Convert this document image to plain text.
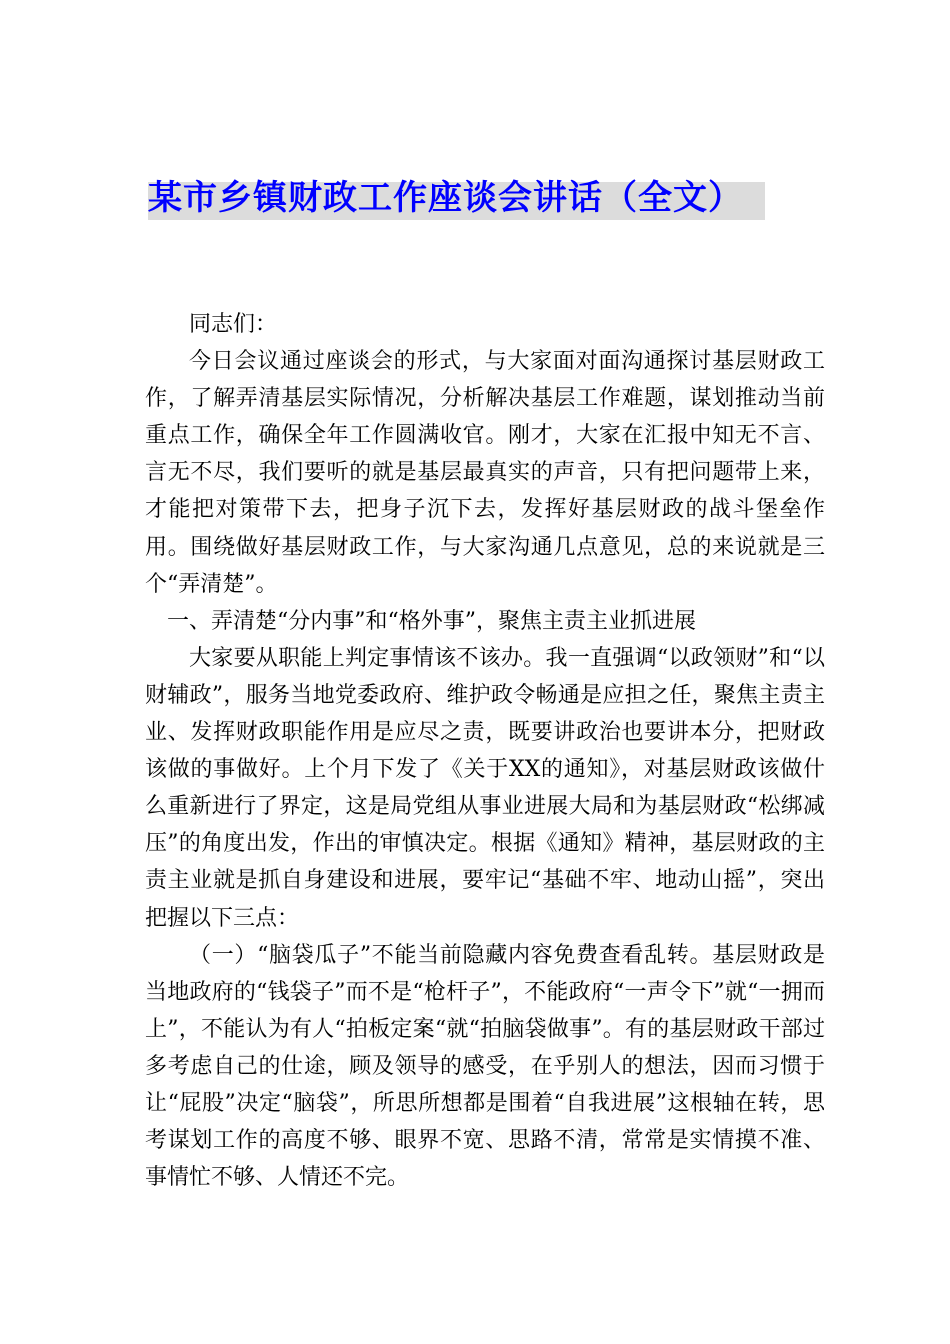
某市乡镇财政工作座谈会讲话（全文）

同志们：

今日会议通过座谈会的形式，与大家面对面沟通探讨基层财政工作，了解弄清基层实际情况，分析解决基层工作难题，谋划推动当前重点工作，确保全年工作圆满收官。刚才，大家在汇报中知无不言、言无不尽，我们要听的就是基层最真实的声音，只有把问题带上来，才能把对策带下去，把身子沉下去，发挥好基层财政的战斗堡垒作用。围绕做好基层财政工作，与大家沟通几点意见，总的来说就是三个“弄清楚”。

一、弄清楚“分内事”和“格外事”，聚焦主责主业抓进展

大家要从职能上判定事情该不该办。我一直强调“以政领财”和“以财辅政”，服务当地党委政府、维护政令畅通是应担之任，聚焦主责主业、发挥财政职能作用是应尽之责，既要讲政治也要讲本分，把财政该做的事做好。上个月下发了《关于XX的通知》，对基层财政该做什么重新进行了界定，这是局党组从事业进展大局和为基层财政“松绑减压”的角度出发，作出的审慎决定。根据《通知》精神，基层财政的主责主业就是抓自身建设和进展，要牢记“基础不牢、地动山摇”，突出把握以下三点：

（一）“脑袋瓜子”不能当前隐藏内容免费查看乱转。基层财政是当地政府的“钱袋子”而不是“枪杆子”，不能政府“一声令下”就“一拥而上”，不能认为有人“拍板定案“就“拍脑袋做事”。有的基层财政干部过多考虑自己的仕途，顾及领导的感受，在乎别人的想法，因而习惯于让“屁股”决定“脑袋”，所思所想都是围着“自我进展”这根轴在转，思考谋划工作的高度不够、眼界不宽、思路不清，常常是实情摸不准、事情忙不够、人情还不完。
